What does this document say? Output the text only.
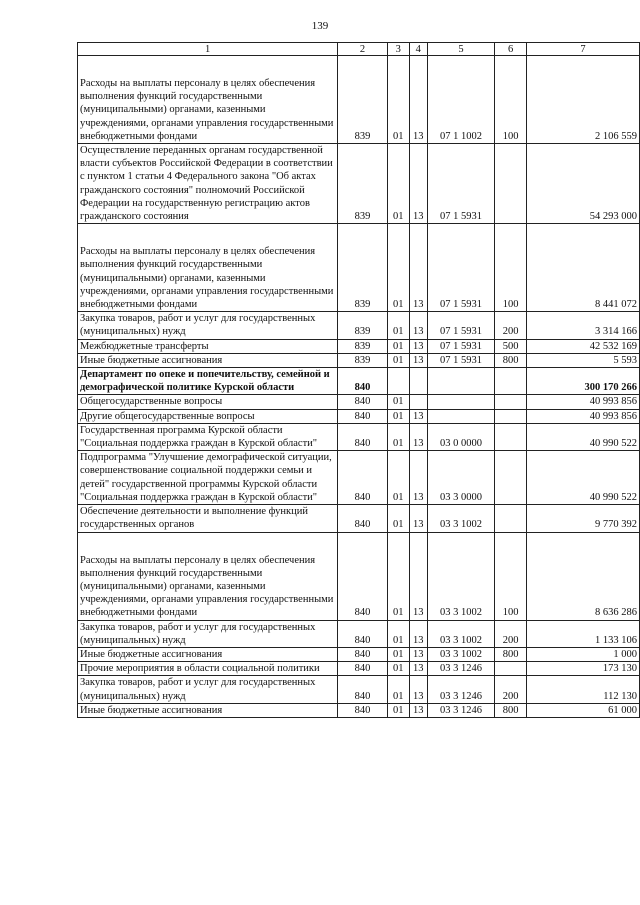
139
1	2	3	4	5	6	7

Расходы на выплаты персоналу в целях обеспечения выполнения функций государственными (муниципальными) органами, казенными учреждениями, органами управления государственными внебюджетными фондами	839	01	13	07 1 1002	100	2 106 559
Осуществление переданных органам государственной власти субъектов Российской Федерации в соответствии с пунктом 1 статьи 4 Федерального закона "Об актах гражданского состояния" полномочий Российской Федерации на государственную регистрацию актов гражданского состояния	839	01	13	07 1 5931		54 293 000

Расходы на выплаты персоналу в целях обеспечения выполнения функций государственными (муниципальными) органами, казенными учреждениями, органами управления государственными внебюджетными фондами	839	01	13	07 1 5931	100	8 441 072
Закупка товаров, работ и услуг для государственных (муниципальных) нужд	839	01	13	07 1 5931	200	3 314 166
Межбюджетные трансферты	839	01	13	07 1 5931	500	42 532 169
Иные бюджетные ассигнования	839	01	13	07 1 5931	800	5 593
Департамент по опеке и попечительству, семейной и демографической политике Курской области	840					300 170 266
Общегосударственные вопросы	840	01				40 993 856
Другие общегосударственные вопросы	840	01	13			40 993 856
Государственная программа Курской области "Социальная поддержка граждан в Курской области"	840	01	13	03 0 0000		40 990 522
Подпрограмма "Улучшение демографической ситуации, совершенствование социальной поддержки семьи и детей" государственной программы Курской области "Социальная поддержка граждан в Курской области"	840	01	13	03 3 0000		40 990 522
Обеспечение деятельности и выполнение функций государственных органов	840	01	13	03 3 1002		9 770 392

Расходы на выплаты персоналу в целях обеспечения выполнения функций государственными (муниципальными) органами, казенными учреждениями, органами управления государственными внебюджетными фондами	840	01	13	03 3 1002	100	8 636 286
Закупка товаров, работ и услуг для государственных (муниципальных) нужд	840	01	13	03 3 1002	200	1 133 106
Иные бюджетные ассигнования	840	01	13	03 3 1002	800	1 000
Прочие мероприятия в области социальной политики	840	01	13	03 3 1246		173 130
Закупка товаров, работ и услуг для государственных (муниципальных) нужд	840	01	13	03 3 1246	200	112 130
Иные бюджетные ассигнования	840	01	13	03 3 1246	800	61 000
